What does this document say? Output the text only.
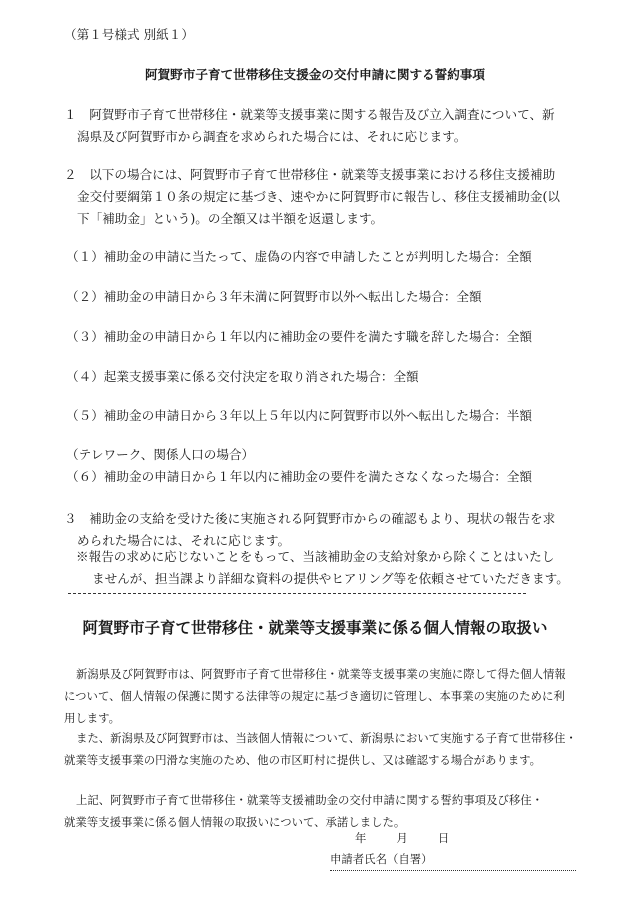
（第１号様式 別紙１）
阿賀野市子育て世帯移住支援金の交付申請に関する誓約事項
１　阿賀野市子育て世帯移住・就業等支援事業に関する報告及び立入調査について、新
潟県及び阿賀野市から調査を求められた場合には、それに応じます。
２　以下の場合には、阿賀野市子育て世帯移住・就業等支援事業における移住支援補助
金交付要綱第１０条の規定に基づき、速やかに阿賀野市に報告し、移住支援補助金(以
下「補助金」という)。の全額又は半額を返還します。
（１）補助金の申請に当たって、虚偽の内容で申請したことが判明した場合：全額
（２）補助金の申請日から３年未満に阿賀野市以外へ転出した場合：全額
（３）補助金の申請日から１年以内に補助金の要件を満たす職を辞した場合：全額
（４）起業支援事業に係る交付決定を取り消された場合：全額
（５）補助金の申請日から３年以上５年以内に阿賀野市以外へ転出した場合：半額
（テレワーク、関係人口の場合）
（６）補助金の申請日から１年以内に補助金の要件を満たさなくなった場合：全額
３　補助金の支給を受けた後に実施される阿賀野市からの確認もより、現状の報告を求
められた場合には、それに応じます。
※報告の求めに応じないことをもって、当該補助金の支給対象から除くことはいたし
ませんが、担当課より詳細な資料の提供やヒアリング等を依頼させていただきます。
阿賀野市子育て世帯移住・就業等支援事業に係る個人情報の取扱い
新潟県及び阿賀野市は、阿賀野市子育て世帯移住・就業等支援事業の実施に際して得た個人情報
について、個人情報の保護に関する法律等の規定に基づき適切に管理し、本事業の実施のために利
用します。
また、新潟県及び阿賀野市は、当該個人情報について、新潟県において実施する子育て世帯移住・
就業等支援事業の円滑な実施のため、他の市区町村に提供し、又は確認する場合があります。
上記、阿賀野市子育て世帯移住・就業等支援補助金の交付申請に関する誓約事項及び移住・
就業等支援事業に係る個人情報の取扱いについて、承諾しました。
年	月	日
申請者氏名（自署）
